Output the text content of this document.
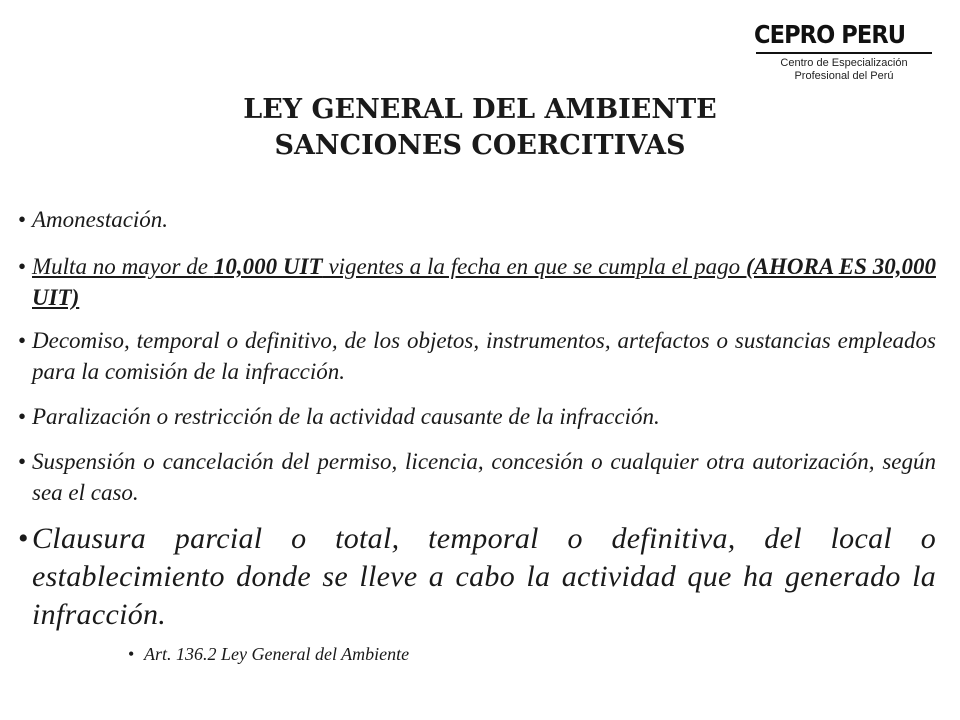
CEPRO PERU
Centro de Especialización
Profesional del Perú
LEY GENERAL DEL AMBIENTE
SANCIONES COERCITIVAS
• Amonestación.
• Multa no mayor de 10,000 UIT vigentes a la fecha en que se cumpla el pago (AHORA ES 30,000 UIT)
• Decomiso, temporal o definitivo, de los objetos, instrumentos, artefactos o sustancias empleados para la comisión de la infracción.
• Paralización o restricción de la actividad causante de la infracción.
• Suspensión o cancelación del permiso, licencia, concesión o cualquier otra autorización, según sea el caso.
• Clausura parcial o total, temporal o definitiva, del local o establecimiento donde se lleve a cabo la actividad que ha generado la infracción.
• Art. 136.2 Ley General del Ambiente
